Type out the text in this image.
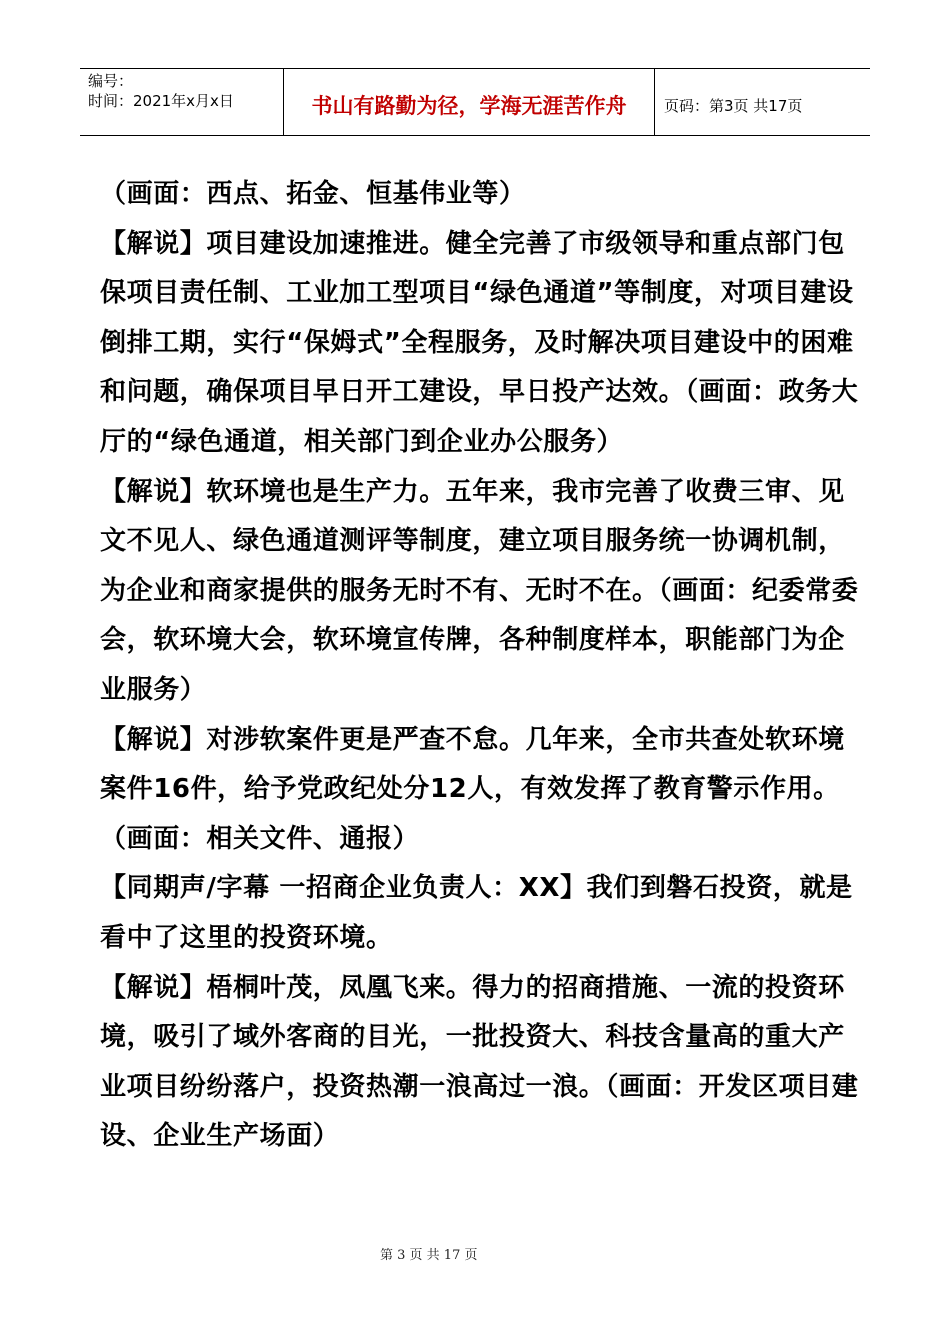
编号：
时间：2021年x月x日	书山有路勤为径，学海无涯苦作舟	页码：第3页 共17页

（画面：西点、拓金、恒基伟业等）

【解说】项目建设加速推进。健全完善了市级领导和重点部门包保项目责任制、工业加工型项目“绿色通道”等制度，对项目建设倒排工期，实行“保姆式”全程服务，及时解决项目建设中的困难和问题，确保项目早日开工建设，早日投产达效。（画面：政务大厅的“绿色通道，相关部门到企业办公服务）

【解说】软环境也是生产力。五年来，我市完善了收费三审、见文不见人、绿色通道测评等制度，建立项目服务统一协调机制，为企业和商家提供的服务无时不有、无时不在。（画面：纪委常委会，软环境大会，软环境宣传牌，各种制度样本，职能部门为企业服务）

【解说】对涉软案件更是严查不怠。几年来，全市共查处软环境案件16件，给予党政纪处分12人，有效发挥了教育警示作用。（画面：相关文件、通报）

【同期声/字幕 一招商企业负责人：XX】我们到磐石投资，就是看中了这里的投资环境。

【解说】梧桐叶茂，凤凰飞来。得力的招商措施、一流的投资环境，吸引了域外客商的目光，一批投资大、科技含量高的重大产业项目纷纷落户，投资热潮一浪高过一浪。（画面：开发区项目建设、企业生产场面）

第 3 页 共 17 页
